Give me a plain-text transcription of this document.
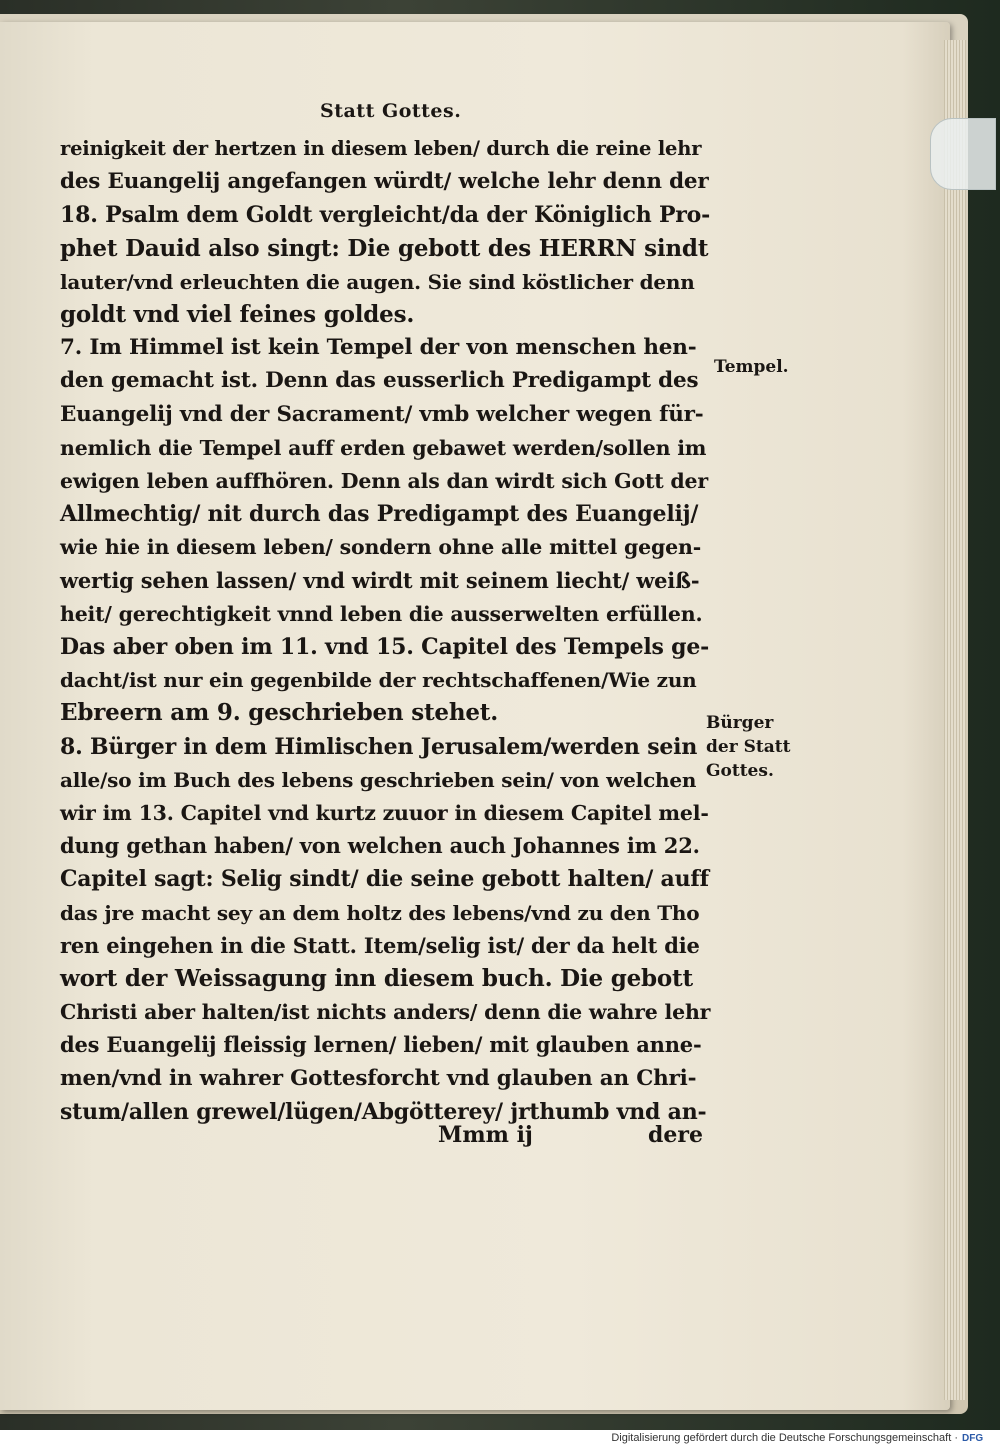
Statt Gottes.
reinigkeit der hertzen in diesem leben/ durch die reine lehr
des Euangelij angefangen würdt/ welche lehr denn der
18. Psalm dem Goldt vergleicht/da der Königlich Pro-
phet Dauid also singt: Die gebott des HERRN sindt
lauter/vnd erleuchten die augen. Sie sind köstlicher denn
goldt vnd viel feines goldes.
7. Im Himmel ist kein Tempel der von menschen hen-
den gemacht ist. Denn das eusserlich Predigampt des
Euangelij vnd der Sacrament/ vmb welcher wegen für-
nemlich die Tempel auff erden gebawet werden/sollen im
ewigen leben auffhören. Denn als dan wirdt sich Gott der
Allmechtig/ nit durch das Predigampt des Euangelij/
wie hie in diesem leben/ sondern ohne alle mittel gegen-
wertig sehen lassen/ vnd wirdt mit seinem liecht/ weiß-
heit/ gerechtigkeit vnnd leben die ausserwelten erfüllen.
Das aber oben im 11. vnd 15. Capitel des Tempels ge-
dacht/ist nur ein gegenbilde der rechtschaffenen/Wie zun
Ebreern am 9. geschrieben stehet.
8. Bürger in dem Himlischen Jerusalem/werden sein
alle/so im Buch des lebens geschrieben sein/ von welchen
wir im 13. Capitel vnd kurtz zuuor in diesem Capitel mel-
dung gethan haben/ von welchen auch Johannes im 22.
Capitel sagt: Selig sindt/ die seine gebott halten/ auff
das jre macht sey an dem holtz des lebens/vnd zu den Tho
ren eingehen in die Statt. Item/selig ist/ der da helt die
wort der Weissagung inn diesem buch. Die gebott
Christi aber halten/ist nichts anders/ denn die wahre lehr
des Euangelij fleissig lernen/ lieben/ mit glauben anne-
men/vnd in wahrer Gottesforcht vnd glauben an Chri-
stum/allen grewel/lügen/Abgötterey/ jrthumb vnd an-
Tempel.
Bürger
der Statt
Gottes.
Mmm ij	dere
Digitalisierung gefördert durch die Deutsche Forschungsgemeinschaft · DFG
